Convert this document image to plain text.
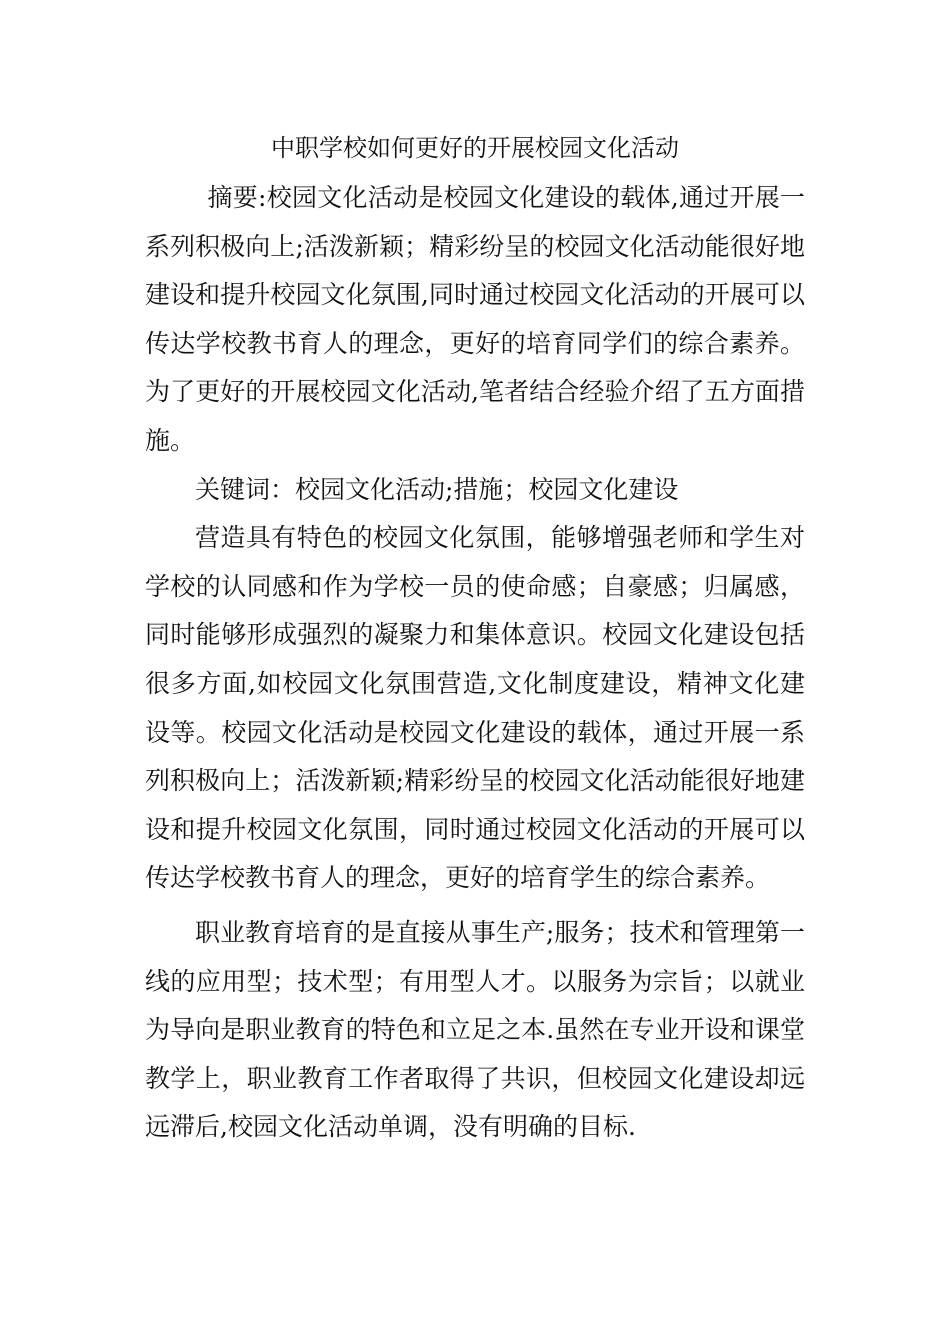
中职学校如何更好的开展校园文化活动

摘要:校园文化活动是校园文化建设的载体,通过开展一系列积极向上;活泼新颖；精彩纷呈的校园文化活动能很好地建设和提升校园文化氛围,同时通过校园文化活动的开展可以传达学校教书育人的理念，更好的培育同学们的综合素养。为了更好的开展校园文化活动,笔者结合经验介绍了五方面措施。

关键词：校园文化活动;措施；校园文化建设

营造具有特色的校园文化氛围，能够增强老师和学生对学校的认同感和作为学校一员的使命感；自豪感；归属感，同时能够形成强烈的凝聚力和集体意识。校园文化建设包括很多方面,如校园文化氛围营造,文化制度建设，精神文化建设等。校园文化活动是校园文化建设的载体，通过开展一系列积极向上；活泼新颖;精彩纷呈的校园文化活动能很好地建设和提升校园文化氛围，同时通过校园文化活动的开展可以传达学校教书育人的理念，更好的培育学生的综合素养。

职业教育培育的是直接从事生产;服务；技术和管理第一线的应用型；技术型；有用型人才。以服务为宗旨；以就业为导向是职业教育的特色和立足之本.虽然在专业开设和课堂教学上，职业教育工作者取得了共识，但校园文化建设却远远滞后,校园文化活动单调，没有明确的目标.
